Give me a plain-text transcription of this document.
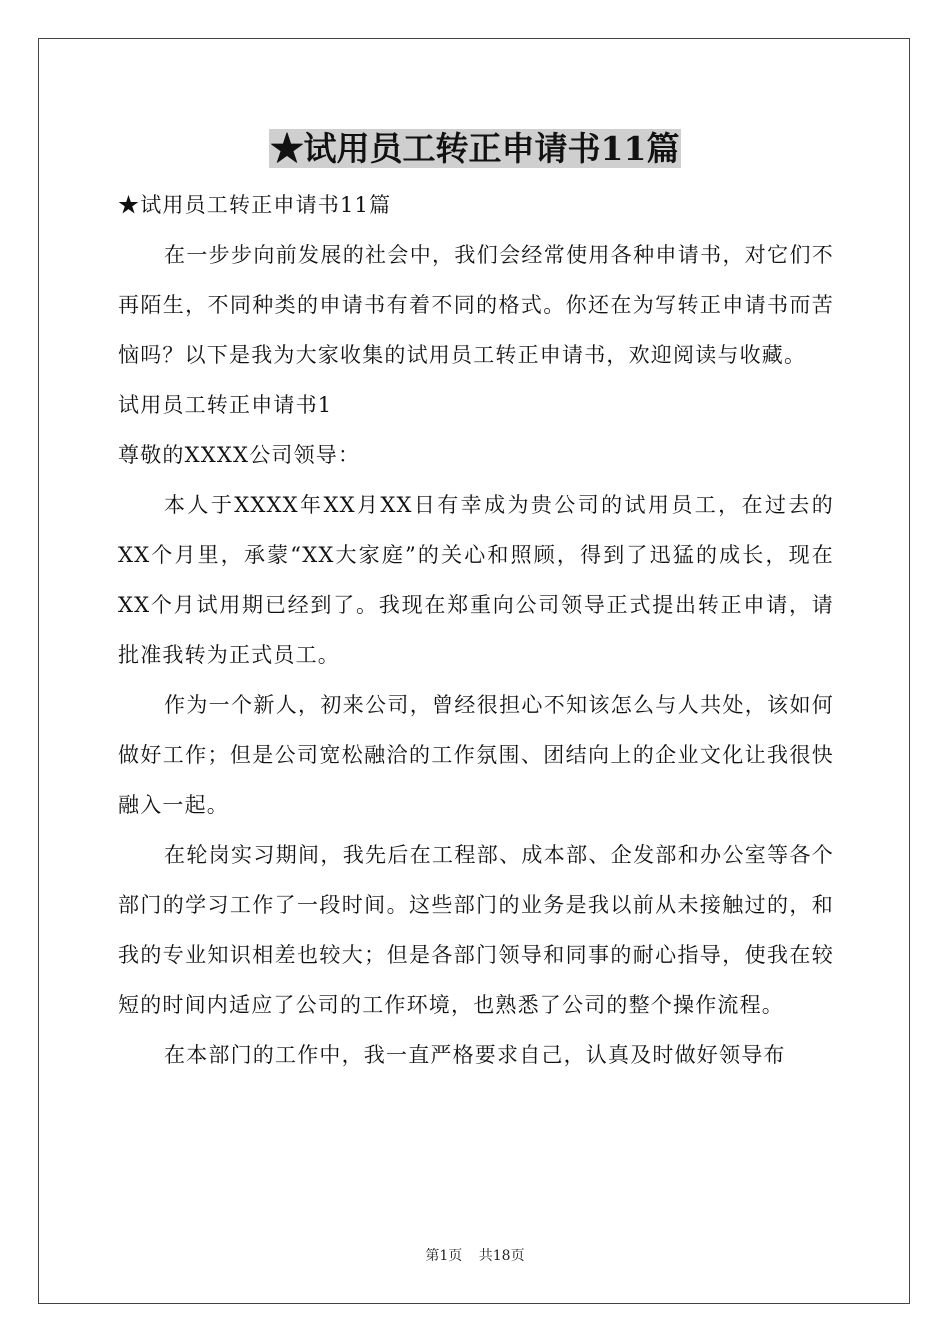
★试用员工转正申请书11篇

★试用员工转正申请书11篇

在一步步向前发展的社会中，我们会经常使用各种申请书，对它们不再陌生，不同种类的申请书有着不同的格式。你还在为写转正申请书而苦恼吗？以下是我为大家收集的试用员工转正申请书，欢迎阅读与收藏。

试用员工转正申请书1

尊敬的XXXX公司领导：

本人于XXXX年XX月XX日有幸成为贵公司的试用员工，在过去的XX个月里，承蒙“XX大家庭”的关心和照顾，得到了迅猛的成长，现在XX个月试用期已经到了。我现在郑重向公司领导正式提出转正申请，请批准我转为正式员工。

作为一个新人，初来公司，曾经很担心不知该怎么与人共处，该如何做好工作；但是公司宽松融洽的工作氛围、团结向上的企业文化让我很快融入一起。

在轮岗实习期间，我先后在工程部、成本部、企发部和办公室等各个部门的学习工作了一段时间。这些部门的业务是我以前从未接触过的，和我的专业知识相差也较大；但是各部门领导和同事的耐心指导，使我在较短的时间内适应了公司的工作环境，也熟悉了公司的整个操作流程。

在本部门的工作中，我一直严格要求自己，认真及时做好领导布

第1页 共18页
